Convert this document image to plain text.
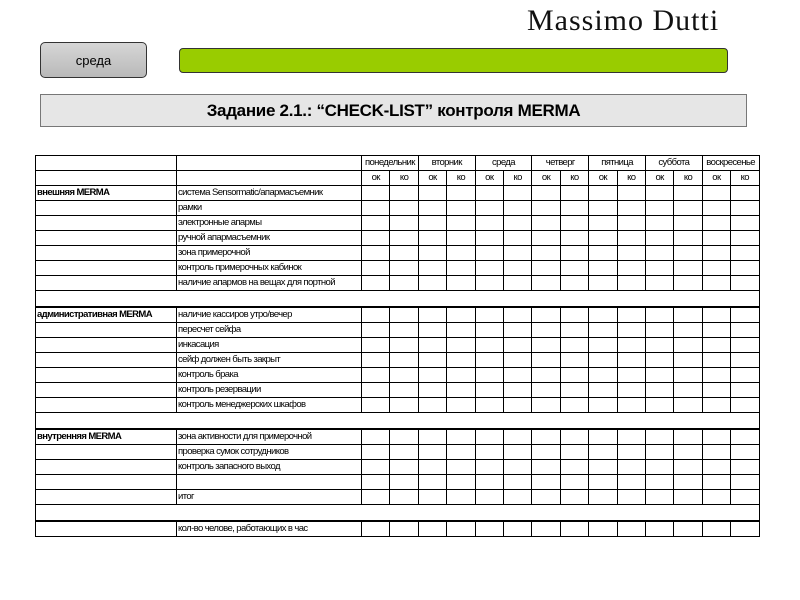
Massimo Dutti
среда
Задание 2.1.: “CHECK-LIST” контроля MERMA
		понедельник		вторник		среда		четверг		пятница		суббота		воскресенье	
		ок	ко	ок	ко	ок	ко	ок	ко	ок	ко	ок	ко	ок	ко
внешняя MERMA	система Sensormatic/апармасъемник														
	рамки														
	электронные апармы														
	ручной апармасъемник														
	зона примерочной														
	контроль примерочных кабинок														
	наличие апармов на вещах для портной														

административная MERMA	наличие кассиров утро/вечер														
	пересчет сейфа														
	инкасация														
	сейф должен быть закрыт														
	контроль брака														
	контроль резервации														
	контроль менеджерских шкафов														

внутренняя MERMA	зона активности для примерочной														
	проверка сумок сотрудников														
	контроль запасного выход														

	итог														

	кол-во челове, работающих в час														
